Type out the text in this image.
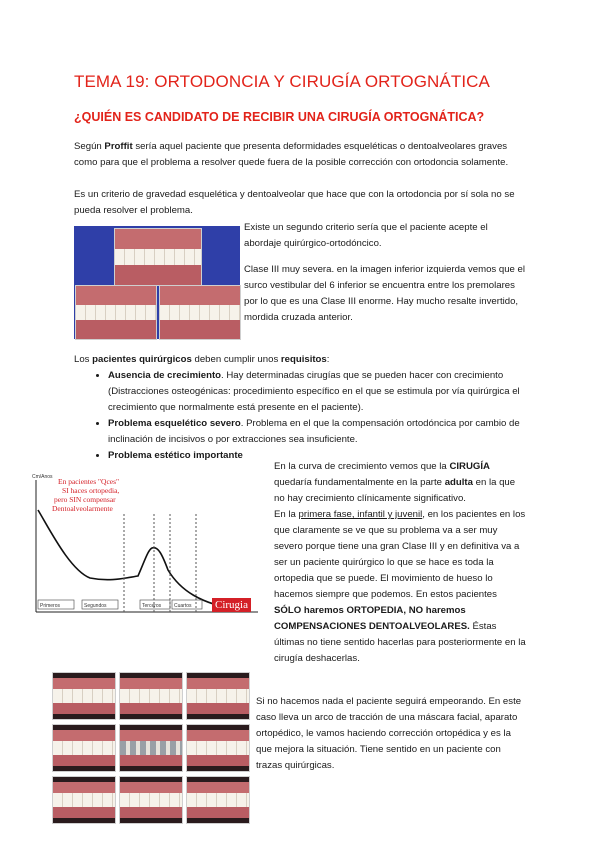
TEMA 19: ORTODONCIA Y CIRUGÍA ORTOGNÁTICA
¿QUIÉN ES CANDIDATO DE RECIBIR UNA CIRUGÍA ORTOGNÁTICA?
Según Proffit sería aquel paciente que presenta deformidades esqueléticas o dentoalveolares graves como para que el problema a resolver quede fuera de la posible corrección con ortodoncia solamente.
Es un criterio de gravedad esquelética y dentoalveolar que hace que con la ortodoncia por sí sola no se pueda resolver el problema.
Existe un segundo criterio sería que el paciente acepte el abordaje quirúrgico-ortodóncico.
Clase III muy severa. en la imagen inferior izquierda vemos que el surco vestibular del 6 inferior se encuentra entre los premolares por lo que es una Clase III enorme. Hay mucho resalte invertido, mordida cruzada anterior.
Los pacientes quirúrgicos deben cumplir unos requisitos:
• Ausencia de crecimiento. Hay determinadas cirugías que se pueden hacer con crecimiento (Distracciones osteogénicas: procedimiento específico en el que se estimula por vía quirúrgica el crecimiento que normalmente está presente en el paciente).
• Problema esquelético severo. Problema en el que la compensación ortodóncica por cambio de inclinación de incisivos o por extracciones sea insuficiente.
• Problema estético importante
Primeros	Segundos	Terceros	Cuartos
Cm/Anos En pacientes "Qces"
SI haces ortopedia,
pero SIN compensar
Dentoalveolarmente
Cirugia
En la curva de crecimiento vemos que la CIRUGÍA quedaría fundamentalmente en la parte adulta en la que no hay crecimiento clínicamente significativo.
En la primera fase, infantil y juvenil, en los pacientes en los que claramente se ve que su problema va a ser muy severo porque tiene una gran Clase III y en definitiva va a ser un paciente quirúrgico lo que se hace es toda la ortopedia que se puede. El movimiento de hueso lo hacemos siempre que podemos. En estos pacientes SÓLO haremos ORTOPEDIA, NO haremos COMPENSACIONES DENTOALVEOLARES. Éstas últimas no tiene sentido hacerlas para posteriormente en la cirugía deshacerlas.
Si no hacemos nada el paciente seguirá empeorando. En este caso lleva un arco de tracción de una máscara facial, aparato ortopédico, le vamos haciendo corrección ortopédica y es la que mejora la situación. Tiene sentido en un paciente con trazas quirúrgicas.
